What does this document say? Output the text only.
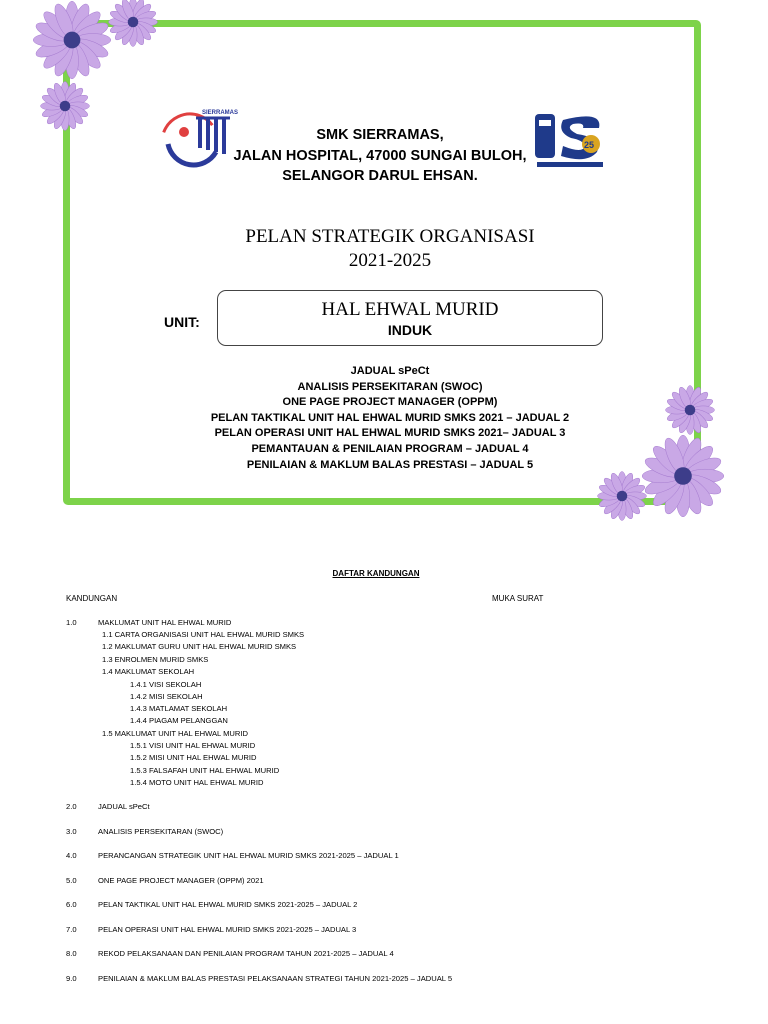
SIERRAMAS
25
SMK SIERRAMAS,
JALAN HOSPITAL, 47000 SUNGAI BULOH,
SELANGOR DARUL EHSAN.
PELAN STRATEGIK ORGANISASI
2021-2025
UNIT:
HAL EHWAL MURID
INDUK
JADUAL sPeCt
ANALISIS PERSEKITARAN (SWOC)
ONE PAGE PROJECT MANAGER (OPPM)
PELAN TAKTIKAL UNIT HAL EHWAL MURID SMKS 2021 – JADUAL 2
PELAN OPERASI UNIT HAL EHWAL MURID SMKS 2021– JADUAL 3
PEMANTAUAN & PENILAIAN PROGRAM – JADUAL 4
PENILAIAN & MAKLUM BALAS PRESTASI – JADUAL 5
DAFTAR KANDUNGAN
KANDUNGAN	MUKA SURAT
1.0	MAKLUMAT UNIT HAL EHWAL MURID
1.1 CARTA ORGANISASI UNIT HAL EHWAL MURID SMKS
1.2 MAKLUMAT GURU UNIT HAL EHWAL MURID SMKS
1.3 ENROLMEN MURID SMKS
1.4 MAKLUMAT SEKOLAH
1.4.1 VISI SEKOLAH
1.4.2 MISI SEKOLAH
1.4.3 MATLAMAT SEKOLAH
1.4.4 PIAGAM PELANGGAN
1.5 MAKLUMAT UNIT HAL EHWAL MURID
1.5.1 VISI UNIT HAL EHWAL MURID
1.5.2 MISI UNIT HAL EHWAL MURID
1.5.3 FALSAFAH UNIT HAL EHWAL MURID
1.5.4 MOTO UNIT HAL EHWAL MURID
2.0	JADUAL sPeCt
3.0	ANALISIS PERSEKITARAN (SWOC)
4.0	PERANCANGAN STRATEGIK UNIT HAL EHWAL MURID SMKS 2021-2025 – JADUAL 1
5.0	ONE PAGE PROJECT MANAGER (OPPM) 2021
6.0	PELAN TAKTIKAL UNIT HAL EHWAL MURID SMKS 2021-2025 – JADUAL 2
7.0	PELAN OPERASI UNIT HAL EHWAL MURID SMKS 2021-2025 – JADUAL 3
8.0	REKOD PELAKSANAAN DAN PENILAIAN PROGRAM TAHUN 2021-2025 – JADUAL 4
9.0	PENILAIAN & MAKLUM BALAS PRESTASI PELAKSANAAN STRATEGI TAHUN 2021-2025 – JADUAL 5
